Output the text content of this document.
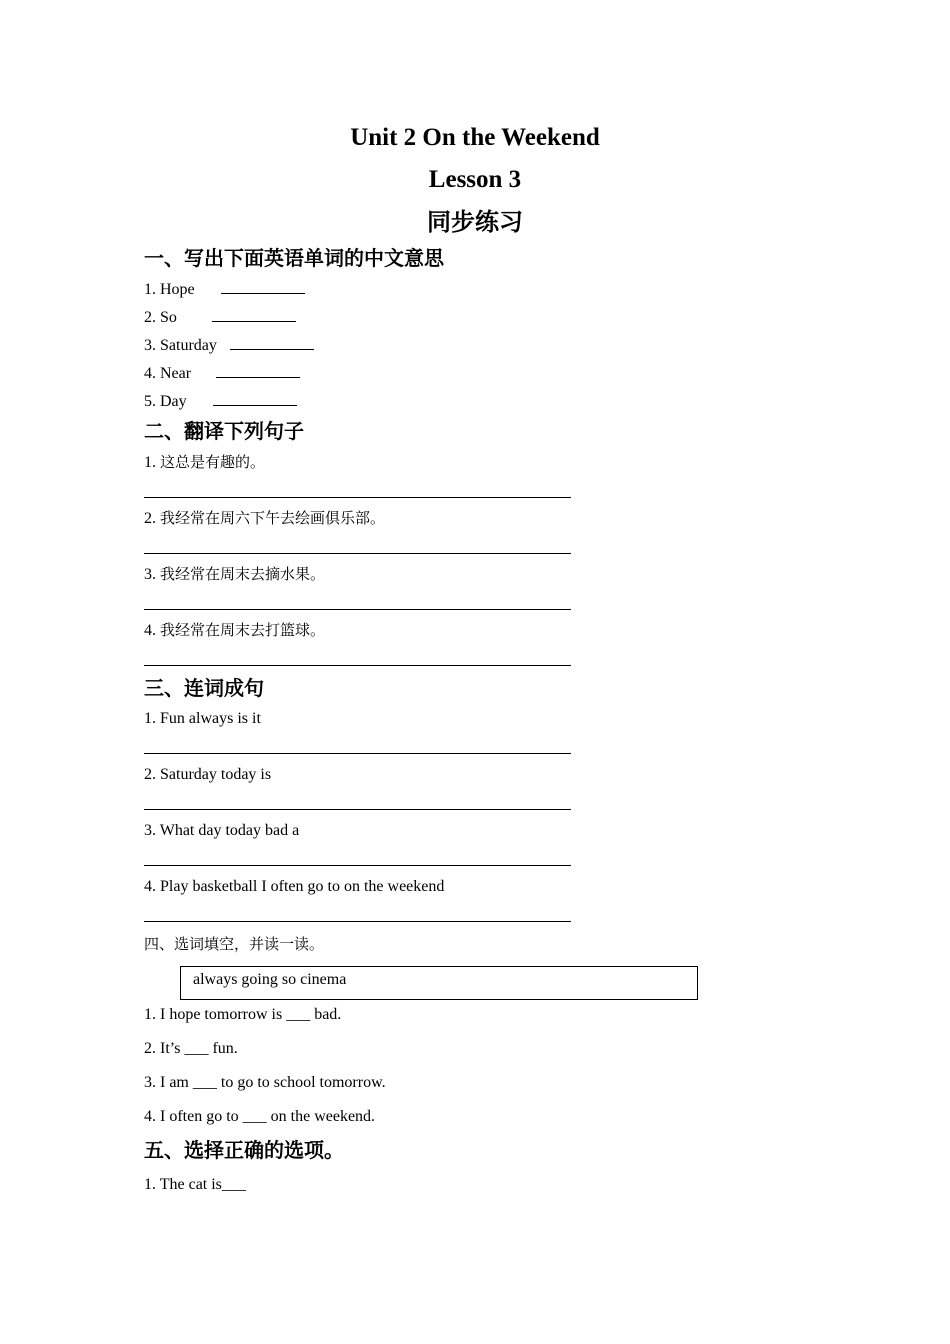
Unit 2 On the Weekend
Lesson 3
同步练习
一、写出下面英语单词的中文意思
1. Hope
2. So
3. Saturday
4. Near
5. Day
二、翻译下列句子
1. 这总是有趣的。
2. 我经常在周六下午去绘画俱乐部。
3. 我经常在周末去摘水果。
4. 我经常在周末去打篮球。
三、连词成句
1. Fun always is it
2. Saturday today is
3. What day today bad a
4. Play basketball I often go to on the weekend
四、选词填空，并读一读。
always going so cinema
1. I hope tomorrow is ___ bad.
2. It’s ___ fun.
3. I am ___ to go to school tomorrow.
4. I often go to ___ on the weekend.
五、选择正确的选项。
1. The cat is___
